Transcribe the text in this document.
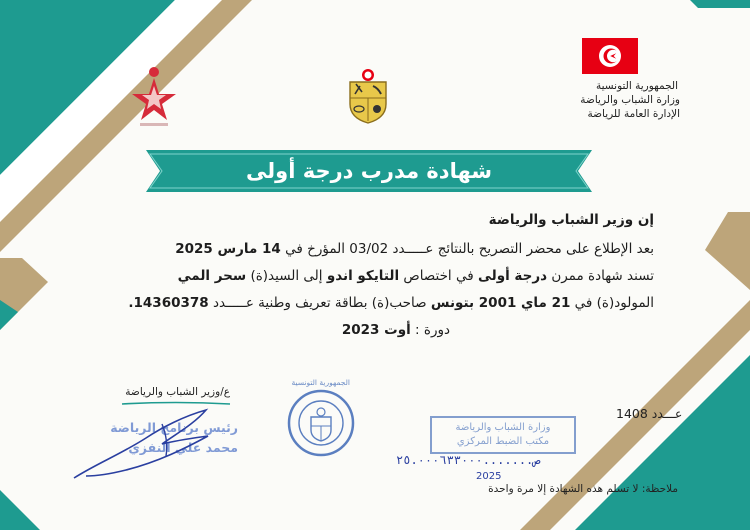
الجمهورية التونسية
وزارة الشباب والرياضة
الإدارة العامة للرياضة
شهادة مدرب درجة أولى
إن وزير الشباب والرياضة
بعد الإطلاع على محضر التصريح بالنتائج عـــــدد 03/02 المؤرخ في 14 مارس 2025
تسند شهادة ممرن درجة أولى في اختصاص التايكو اندو إلى السيد(ة) سحر المي
المولود(ة) في 21 ماي 2001 بتونس صاحب(ة) بطاقة تعريف وطنية عـــــدد 14360378.
دورة : أوت 2023
ع/وزير الشباب والرياضة
رئيس برنامج الرياضة
محمد علي النفزي
الجمهورية التونسية
1408 عـــدد
وزارة الشباب والرياضة
مكتب الضبط المركزي
ص.......٢٥.٠٠٠٦٣٣٠٠٠
2025
ملاحظة: لا تسلم هذه الشهادة إلا مرة واحدة
